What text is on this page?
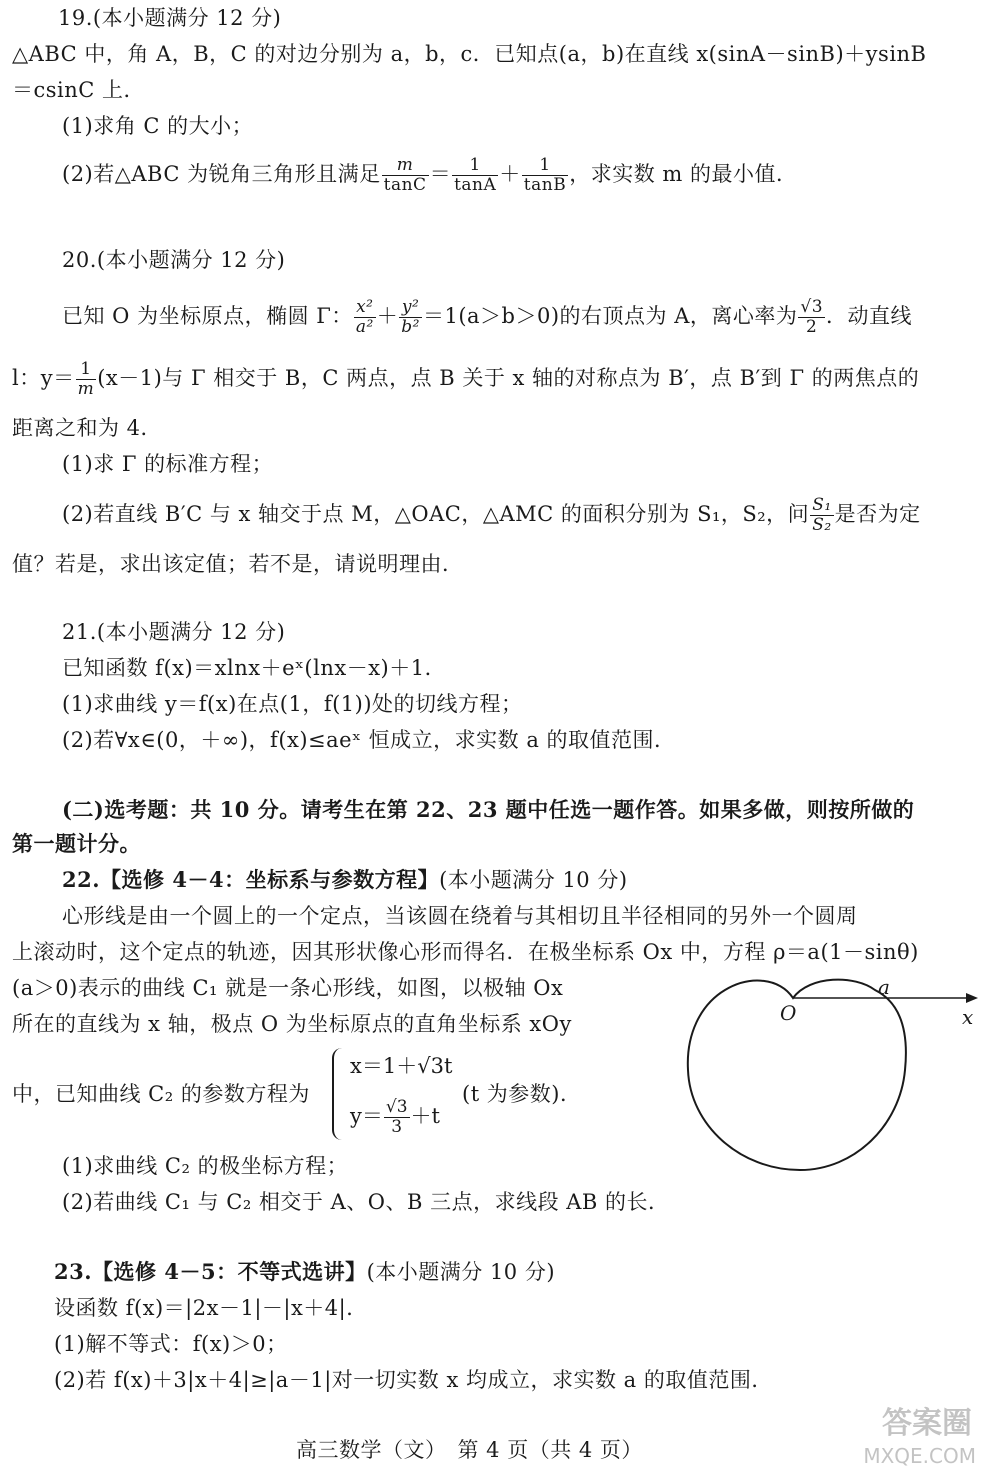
19.(本小题满分 12 分)
△ABC 中，角 A，B，C 的对边分别为 a，b，c．已知点(a，b)在直线 x(sinA－sinB)＋ysinB
＝csinC 上．
(1)求角 C 的大小；
(2)若△ABC 为锐角三角形且满足 $\frac{m}{\tan C} = \frac{1}{\tan A} + \frac{1}{\tan B}$ ，求实数 m 的最小值．
20.(本小题满分 12 分)
已知 O 为坐标原点，椭圆 Γ： $\frac{\text{x²}}{\text{a²}} + \frac{\text{y²}}{\text{b²}} =1(a>b>0)$的右顶点为 A，离心率为 $\frac{√3}{2}$ ．动直线
l：$y= \frac{1}{m} (x-1)$与 Γ 相交于 B，C 两点，点 B 关于 x 轴的对称点为 B′，点 B′到 Γ 的两焦点的
距离之和为 4．
(1)求 Γ 的标准方程；
(2)若直线 B′C 与 x 轴交于点 M，△OAC，△AMC 的面积分别为 S₁，S₂，问 $\frac{\text{S₁}}{\text{S₂}}$ 是否为定
值？若是，求出该定值；若不是，请说明理由．
21.(本小题满分 12 分)
已知函数 f(x)＝xlnx＋eˣ(lnx－x)＋1．
(1)求曲线 y＝f(x)在点(1，f(1))处的切线方程；
(2)若∀x∈(0，＋∞)，f(x)≤aeˣ 恒成立，求实数 a 的取值范围．
(二)选考题：共 10 分。请考生在第 22、23 题中任选一题作答。如果多做，则按所做的
第一题计分。
22.【选修 4－4：坐标系与参数方程】(本小题满分 10 分)
心形线是由一个圆上的一个定点，当该圆在绕着与其相切且半径相同的另外一个圆周
上滚动时，这个定点的轨迹，因其形状像心形而得名．在极坐标系 Ox 中，方程 ρ＝a(1－sinθ)
(a＞0)表示的曲线 C₁ 就是一条心形线，如图，以极轴 Ox
所在的直线为 x 轴，极点 O 为坐标原点的直角坐标系 xOy
中，已知曲线 C₂ 的参数方程为
x＝1＋√3t
$y= \frac{√3}{3} +t$
(t 为参数)．
(1)求曲线 C₂ 的极坐标方程；
(2)若曲线 C₁ 与 C₂ 相交于 A、O、B 三点，求线段 AB 的长．
O
a
x
23.【选修 4－5：不等式选讲】(本小题满分 10 分)
设函数 f(x)＝|2x－1|－|x＋4|．
(1)解不等式：f(x)＞0；
(2)若 f(x)＋3|x＋4|≥|a－1|对一切实数 x 均成立，求实数 a 的取值范围．
高三数学（文）　第 4 页（共 4 页）
答案圈
MXQE.COM
